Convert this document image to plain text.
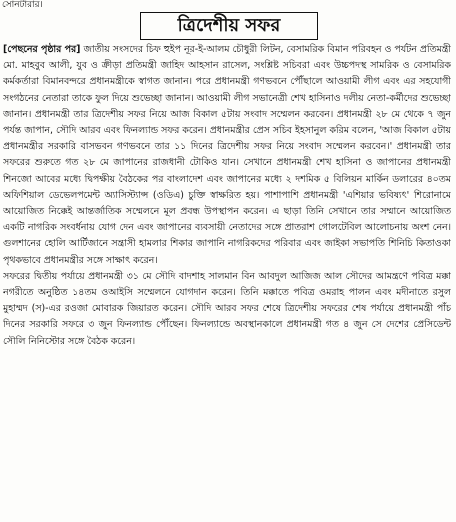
সোনটারার।
ত্রিদেশীয় সফর

[পেছনের পৃষ্ঠার পর] জাতীয় সংসদের চিফ হুইপ নূর-ই-আলম চৌধুরী লিটন, বেসামরিক বিমান পরিবহন ও পর্যটন প্রতিমন্ত্রী মো. মাহবুব আলী, যুব ও ক্রীড়া প্রতিমন্ত্রী জাহিদ আহসান রাসেল, সংশ্লিষ্ট সচিবরা এবং উচ্চপদস্থ সামরিক ও বেসামরিক কর্মকর্তারা বিমানবন্দরে প্রধানমন্ত্রীকে স্বাগত জানান। পরে প্রধানমন্ত্রী গণভবনে পৌঁছালে আওয়ামী লীগ এবং এর সহযোগী সংগঠনের নেতারা তাকে ফুল দিয়ে শুভেচ্ছা জানান। আওয়ামী লীগ সভানেত্রী শেখ হাসিনাও দলীয় নেতা-কর্মীদের শুভেচ্ছা জানান। প্রধানমন্ত্রী তার ত্রিদেশীয় সফর নিয়ে আজ বিকাল ৫টায় সংবাদ সম্মেলন করবেন। প্রধানমন্ত্রী ২৮ মে থেকে ৭ জুন পর্যন্ত জাপান, সৌদি আরব এবং ফিনল্যান্ড সফর করেন। প্রধানমন্ত্রীর প্রেস সচিব ইহসানুল করিম বলেন, 'আজ বিকাল ৫টায় প্রধানমন্ত্রীর সরকারি বাসভবন গণভবনে তার ১১ দিনের ত্রিদেশীয় সফর নিয়ে সংবাদ সম্মেলন করবেন।' প্রধানমন্ত্রী তার সফরের শুরুতে গত ২৮ মে জাপানের রাজধানী টোকিও যান। সেখানে প্রধানমন্ত্রী শেখ হাসিনা ও জাপানের প্রধানমন্ত্রী শিনজো আবের মধ্যে দ্বিপক্ষীয় বৈঠকের পর বাংলাদেশ এবং জাপানের মধ্যে ২ দশমিক ৫ বিলিয়ন মার্কিন ডলারের ৪০তম অফিশিয়াল ডেভেলপমেন্ট অ্যাসিস্ট্যান্স (ওডিএ) চুক্তি স্বাক্ষরিত হয়। পাশাপাশি প্রধানমন্ত্রী 'এশিয়ার ভবিষ্যৎ' শিরোনামে আয়োজিত নিক্কেই আন্তর্জাতিক সম্মেলনে মূল প্রবন্ধ উপস্থাপন করেন। এ ছাড়া তিনি সেখানে তার সম্মানে আয়োজিত একটি নাগরিক সংবর্ধনায় যোগ দেন এবং জাপানের ব্যবসায়ী নেতাদের সঙ্গে প্রাতরাশ গোলটেবিল আলোচনায় অংশ নেন। গুলশানের হোলি আর্টিজানে সন্ত্রাসী হামলার শিকার জাপানি নাগরিকদের পরিবার এবং জাইকা সভাপতি শিনিচি কিতাওকা পৃথকভাবে প্রধানমন্ত্রীর সঙ্গে সাক্ষাৎ করেন।

সফরের দ্বিতীয় পর্যায়ে প্রধানমন্ত্রী ৩১ মে সৌদি বাদশাহ সালমান বিন আবদুল আজিজ আল সৌদের আমন্ত্রণে পবিত্র মক্কা নগরীতে অনুষ্ঠিত ১৪তম ওআইসি সম্মেলনে যোগদান করেন। তিনি মক্কাতে পবিত্র ওমরাহ পালন এবং মদীনাতে রসুল মুহাম্মদ (স)-এর রওজা মোবারক জিয়ারত করেন। সৌদি আরব সফর শেষে ত্রিদেশীয় সফরের শেষ পর্যায়ে প্রধানমন্ত্রী পাঁচ দিনের সরকারি সফরে ৩ জুন ফিনল্যান্ড পৌঁছেন। ফিনল্যান্ডে অবস্থানকালে প্রধানমন্ত্রী গত ৪ জুন সে দেশের প্রেসিডেন্ট সৌলি নিনিস্টোর সঙ্গে বৈঠক করেন।
